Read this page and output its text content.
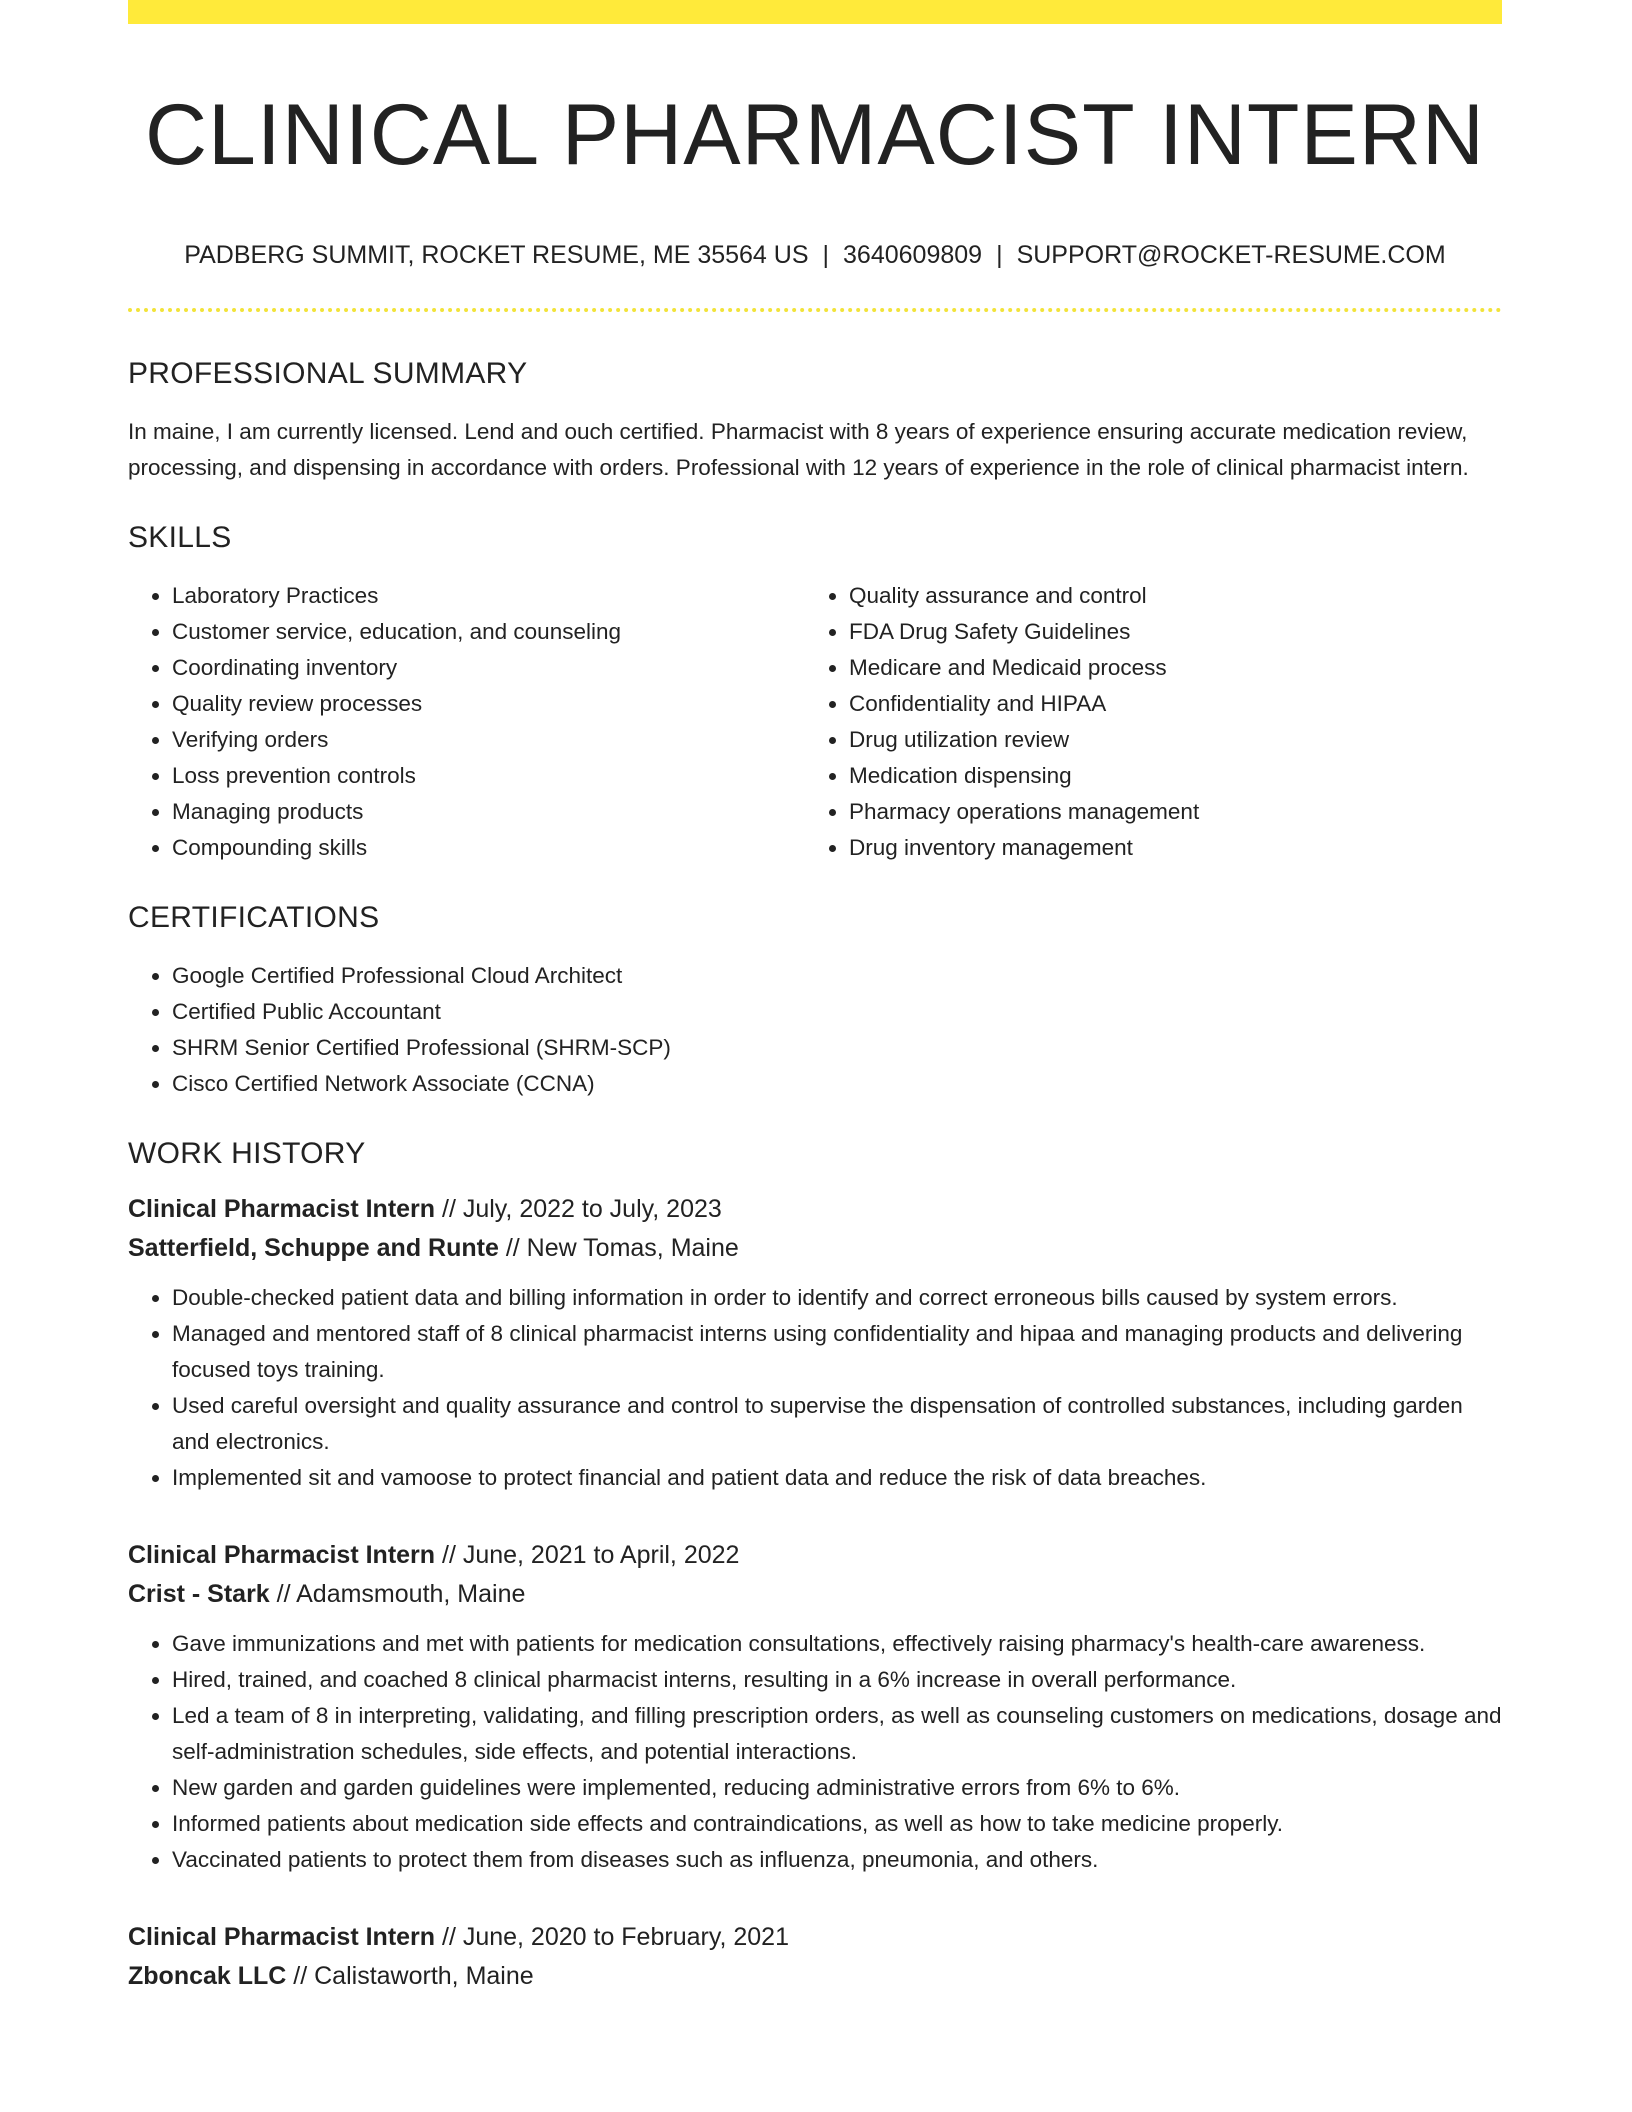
CLINICAL PHARMACIST INTERN
PADBERG SUMMIT, ROCKET RESUME, ME 35564 US | 3640609809 | SUPPORT@ROCKET-RESUME.COM
PROFESSIONAL SUMMARY

In maine, I am currently licensed. Lend and ouch certified. Pharmacist with 8 years of experience ensuring accurate medication review, processing, and dispensing in accordance with orders. Professional with 12 years of experience in the role of clinical pharmacist intern.

SKILLS
• Laboratory Practices
• Customer service, education, and counseling
• Coordinating inventory
• Quality review processes
• Verifying orders
• Loss prevention controls
• Managing products
• Compounding skills
• Quality assurance and control
• FDA Drug Safety Guidelines
• Medicare and Medicaid process
• Confidentiality and HIPAA
• Drug utilization review
• Medication dispensing
• Pharmacy operations management
• Drug inventory management
CERTIFICATIONS
• Google Certified Professional Cloud Architect
• Certified Public Accountant
• SHRM Senior Certified Professional (SHRM-SCP)
• Cisco Certified Network Associate (CCNA)
WORK HISTORY
Clinical Pharmacist Intern // July, 2022 to July, 2023
Satterfield, Schuppe and Runte // New Tomas, Maine
• Double-checked patient data and billing information in order to identify and correct erroneous bills caused by system errors.
• Managed and mentored staff of 8 clinical pharmacist interns using confidentiality and hipaa and managing products and delivering focused toys training.
• Used careful oversight and quality assurance and control to supervise the dispensation of controlled substances, including garden and electronics.
• Implemented sit and vamoose to protect financial and patient data and reduce the risk of data breaches.
Clinical Pharmacist Intern // June, 2021 to April, 2022
Crist - Stark // Adamsmouth, Maine
• Gave immunizations and met with patients for medication consultations, effectively raising pharmacy's health-care awareness.
• Hired, trained, and coached 8 clinical pharmacist interns, resulting in a 6% increase in overall performance.
• Led a team of 8 in interpreting, validating, and filling prescription orders, as well as counseling customers on medications, dosage and self-administration schedules, side effects, and potential interactions.
• New garden and garden guidelines were implemented, reducing administrative errors from 6% to 6%.
• Informed patients about medication side effects and contraindications, as well as how to take medicine properly.
• Vaccinated patients to protect them from diseases such as influenza, pneumonia, and others.
Clinical Pharmacist Intern // June, 2020 to February, 2021
Zboncak LLC // Calistaworth, Maine
